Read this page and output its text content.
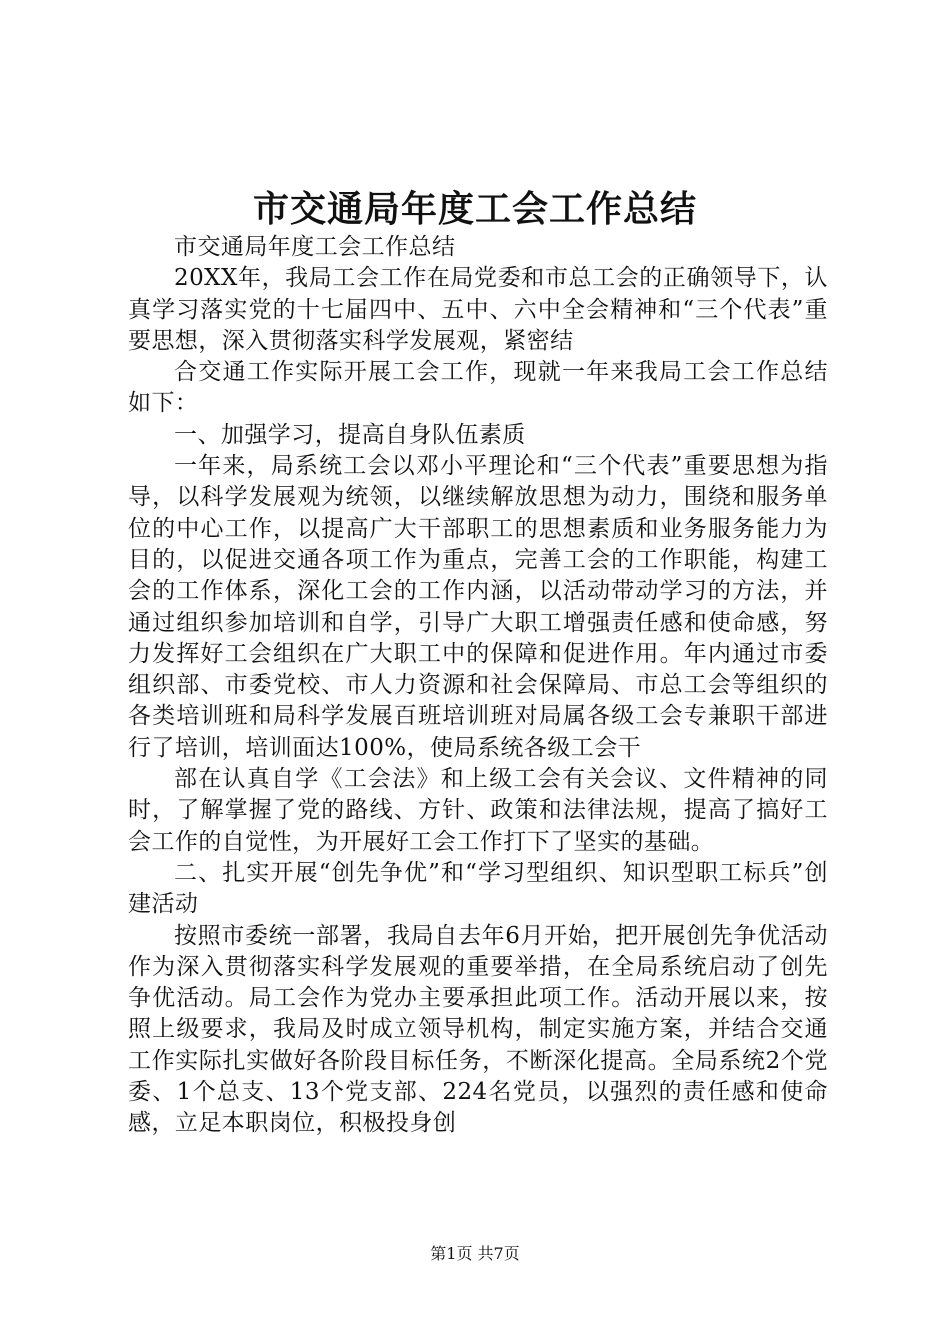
市交通局年度工会工作总结

市交通局年度工会工作总结

20XX年，我局工会工作在局党委和市总工会的正确领导下，认真学习落实党的十七届四中、五中、六中全会精神和“三个代表”重要思想，深入贯彻落实科学发展观，紧密结

合交通工作实际开展工会工作，现就一年来我局工会工作总结如下：

一、加强学习，提高自身队伍素质

一年来，局系统工会以邓小平理论和“三个代表”重要思想为指导，以科学发展观为统领，以继续解放思想为动力，围绕和服务单位的中心工作，以提高广大干部职工的思想素质和业务服务能力为目的，以促进交通各项工作为重点，完善工会的工作职能，构建工会的工作体系，深化工会的工作内涵，以活动带动学习的方法，并通过组织参加培训和自学，引导广大职工增强责任感和使命感，努力发挥好工会组织在广大职工中的保障和促进作用。年内通过市委组织部、市委党校、市人力资源和社会保障局、市总工会等组织的各类培训班和局科学发展百班培训班对局属各级工会专兼职干部进行了培训，培训面达100%，使局系统各级工会干

部在认真自学《工会法》和上级工会有关会议、文件精神的同时，了解掌握了党的路线、方针、政策和法律法规，提高了搞好工会工作的自觉性，为开展好工会工作打下了坚实的基础。

二、扎实开展“创先争优”和“学习型组织、知识型职工标兵”创建活动

按照市委统一部署，我局自去年6月开始，把开展创先争优活动作为深入贯彻落实科学发展观的重要举措，在全局系统启动了创先争优活动。局工会作为党办主要承担此项工作。活动开展以来，按照上级要求，我局及时成立领导机构，制定实施方案，并结合交通工作实际扎实做好各阶段目标任务，不断深化提高。全局系统2个党委、1个总支、13个党支部、224名党员，以强烈的责任感和使命感，立足本职岗位，积极投身创

第1页 共7页
